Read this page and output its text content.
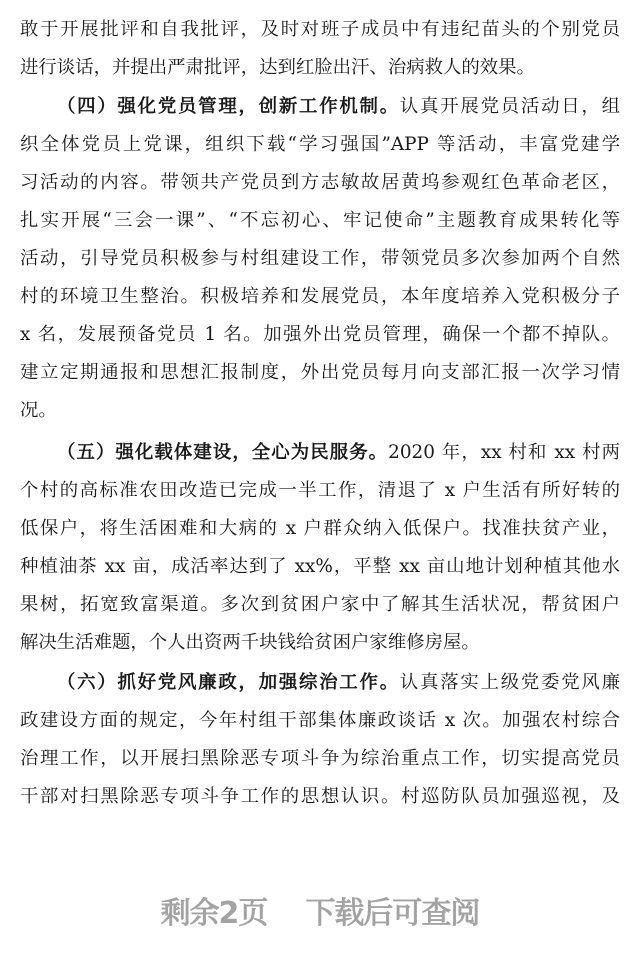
敢于开展批评和自我批评，及时对班子成员中有违纪苗头的个别党员
进行谈话，并提出严肃批评，达到红脸出汗、治病救人的效果。
（四）强化党员管理，创新工作机制。认真开展党员活动日，组
织全体党员上党课，组织下载“学习强国”APP 等活动，丰富党建学
习活动的内容。带领共产党员到方志敏故居黄坞参观红色革命老区，
扎实开展“三会一课”、“不忘初心、牢记使命”主题教育成果转化等
活动，引导党员积极参与村组建设工作，带领党员多次参加两个自然
村的环境卫生整治。积极培养和发展党员，本年度培养入党积极分子
x 名，发展预备党员 1 名。加强外出党员管理，确保一个都不掉队。
建立定期通报和思想汇报制度，外出党员每月向支部汇报一次学习情
况。
（五）强化载体建设，全心为民服务。2020 年，xx 村和 xx 村两
个村的高标准农田改造已完成一半工作，清退了 x 户生活有所好转的
低保户，将生活困难和大病的 x 户群众纳入低保户。找准扶贫产业，
种植油茶 xx 亩，成活率达到了 xx%，平整 xx 亩山地计划种植其他水
果树，拓宽致富渠道。多次到贫困户家中了解其生活状况，帮贫困户
解决生活难题，个人出资两千块钱给贫困户家维修房屋。
（六）抓好党风廉政，加强综治工作。认真落实上级党委党风廉
政建设方面的规定，今年村组干部集体廉政谈话 x 次。加强农村综合
治理工作，以开展扫黑除恶专项斗争为综治重点工作，切实提高党员
干部对扫黑除恶专项斗争工作的思想认识。村巡防队员加强巡视，及
剩余2页 下载后可查阅
